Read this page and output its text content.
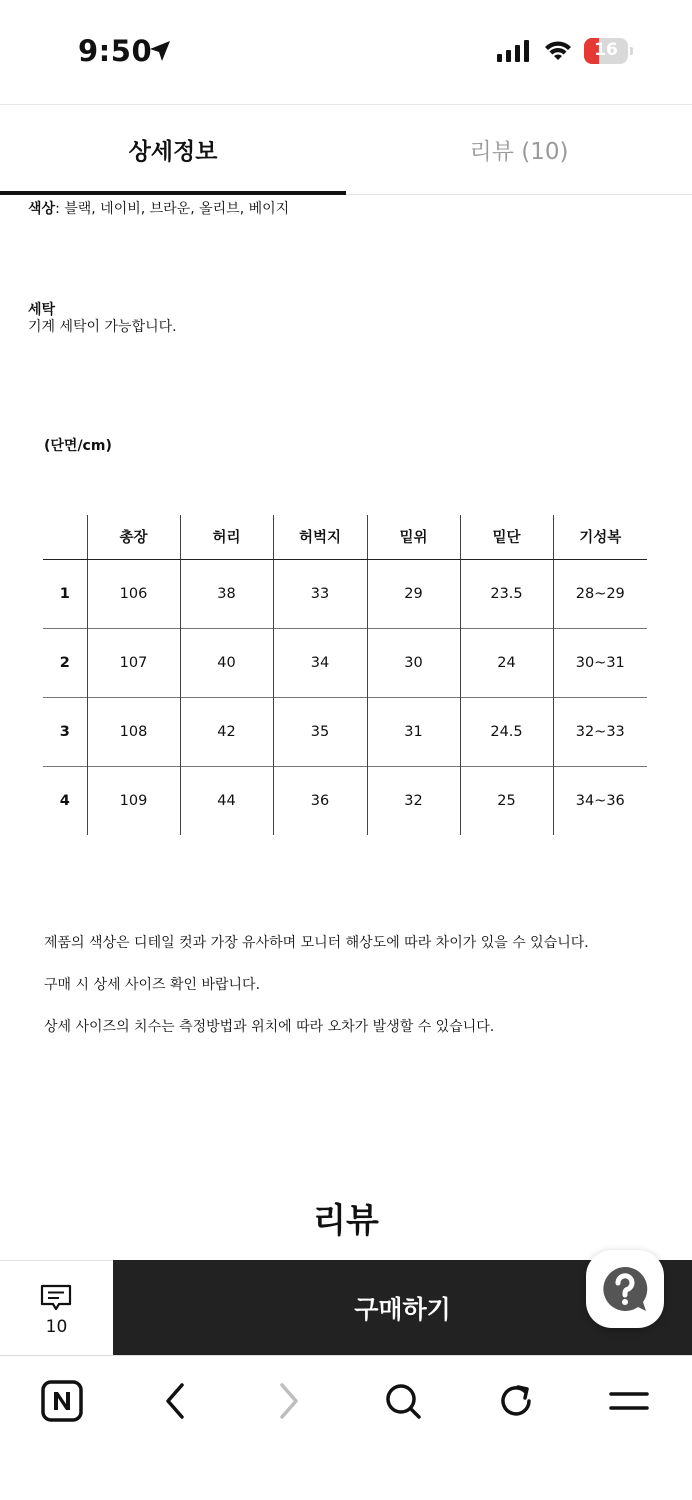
9:50	16
상세정보	리뷰 (10)
색상: 블랙, 네이비, 브라운, 올리브, 베이지
세탁
기계 세탁이 가능합니다.
(단면/cm)
	총장	허리	허벅지	밑위	밑단	기성복
1	106	38	33	29	23.5	28~29
2	107	40	34	30	24	30~31
3	108	42	35	31	24.5	32~33
4	109	44	36	32	25	34~36

제품의 색상은 디테일 컷과 가장 유사하며 모니터 해상도에 따라 차이가 있을 수 있습니다.

구매 시 상세 사이즈 확인 바랍니다.

상세 사이즈의 치수는 측정방법과 위치에 따라 오차가 발생할 수 있습니다.

리뷰
10
구매하기
